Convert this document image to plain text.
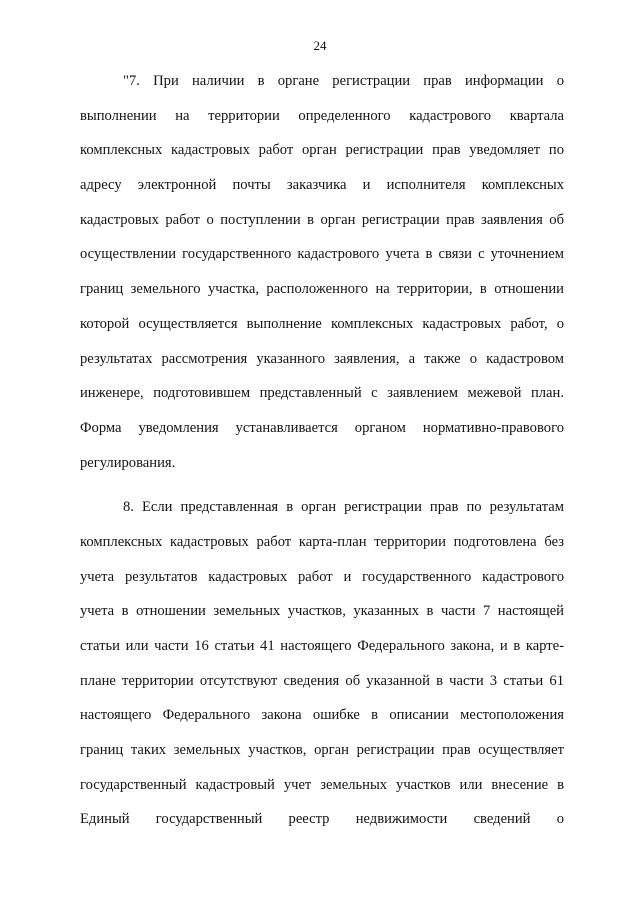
24
"7. При наличии в органе регистрации прав информации о
выполнении на территории определенного кадастрового квартала
комплексных кадастровых работ орган регистрации прав уведомляет по
адресу электронной почты заказчика и исполнителя комплексных
кадастровых работ о поступлении в орган регистрации прав заявления об
осуществлении государственного кадастрового учета в связи с уточнением
границ земельного участка, расположенного на территории, в отношении
которой осуществляется выполнение комплексных кадастровых работ, о
результатах рассмотрения указанного заявления, а также о кадастровом
инженере, подготовившем представленный с заявлением межевой план.
Форма уведомления устанавливается органом нормативно-правового
регулирования.
8. Если представленная в орган регистрации прав по результатам
комплексных кадастровых работ карта-план территории подготовлена без
учета результатов кадастровых работ и государственного кадастрового
учета в отношении земельных участков, указанных в части 7 настоящей
статьи или части 16 статьи 41 настоящего Федерального закона, и в карте-
плане территории отсутствуют сведения об указанной в части 3 статьи 61
настоящего Федерального закона ошибке в описании местоположения
границ таких земельных участков, орган регистрации прав осуществляет
государственный кадастровый учет земельных участков или внесение в
Единый государственный реестр недвижимости сведений о
